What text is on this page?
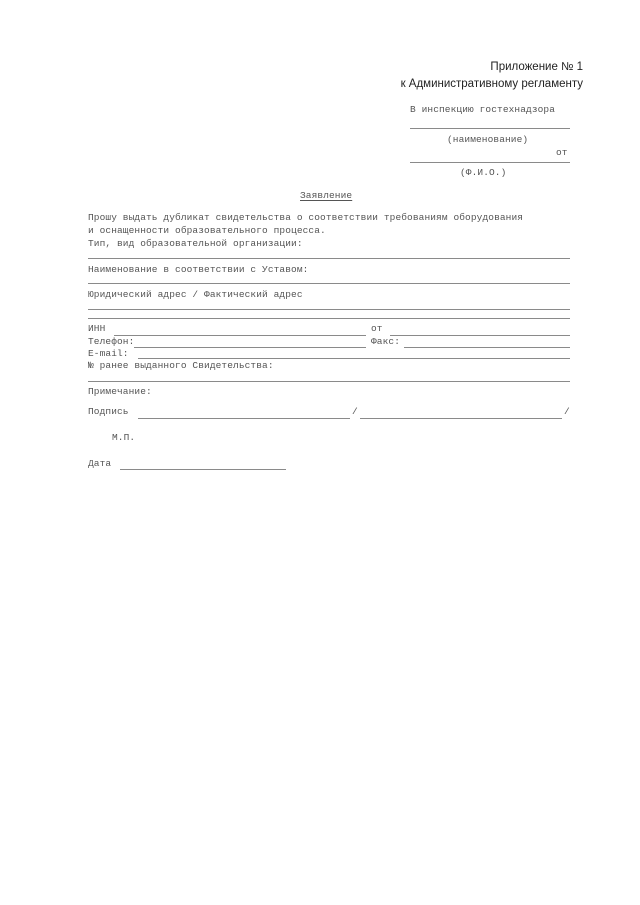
Приложение № 1
к Административному регламенту
В инспекцию гостехнадзора
(наименование)
от
(Ф.И.О.)
Заявление
Прошу выдать дубликат свидетельства о соответствии требованиям оборудования
и оснащенности образовательного процесса.
Тип, вид образовательной организации:
Наименование в соответствии с Уставом:
Юридический адрес / Фактический адрес
ИНН	от
Телефон:	Факс:
E-mail:
№ ранее выданного Свидетельства:
Примечание:
Подпись	/	/
М.П.
Дата
